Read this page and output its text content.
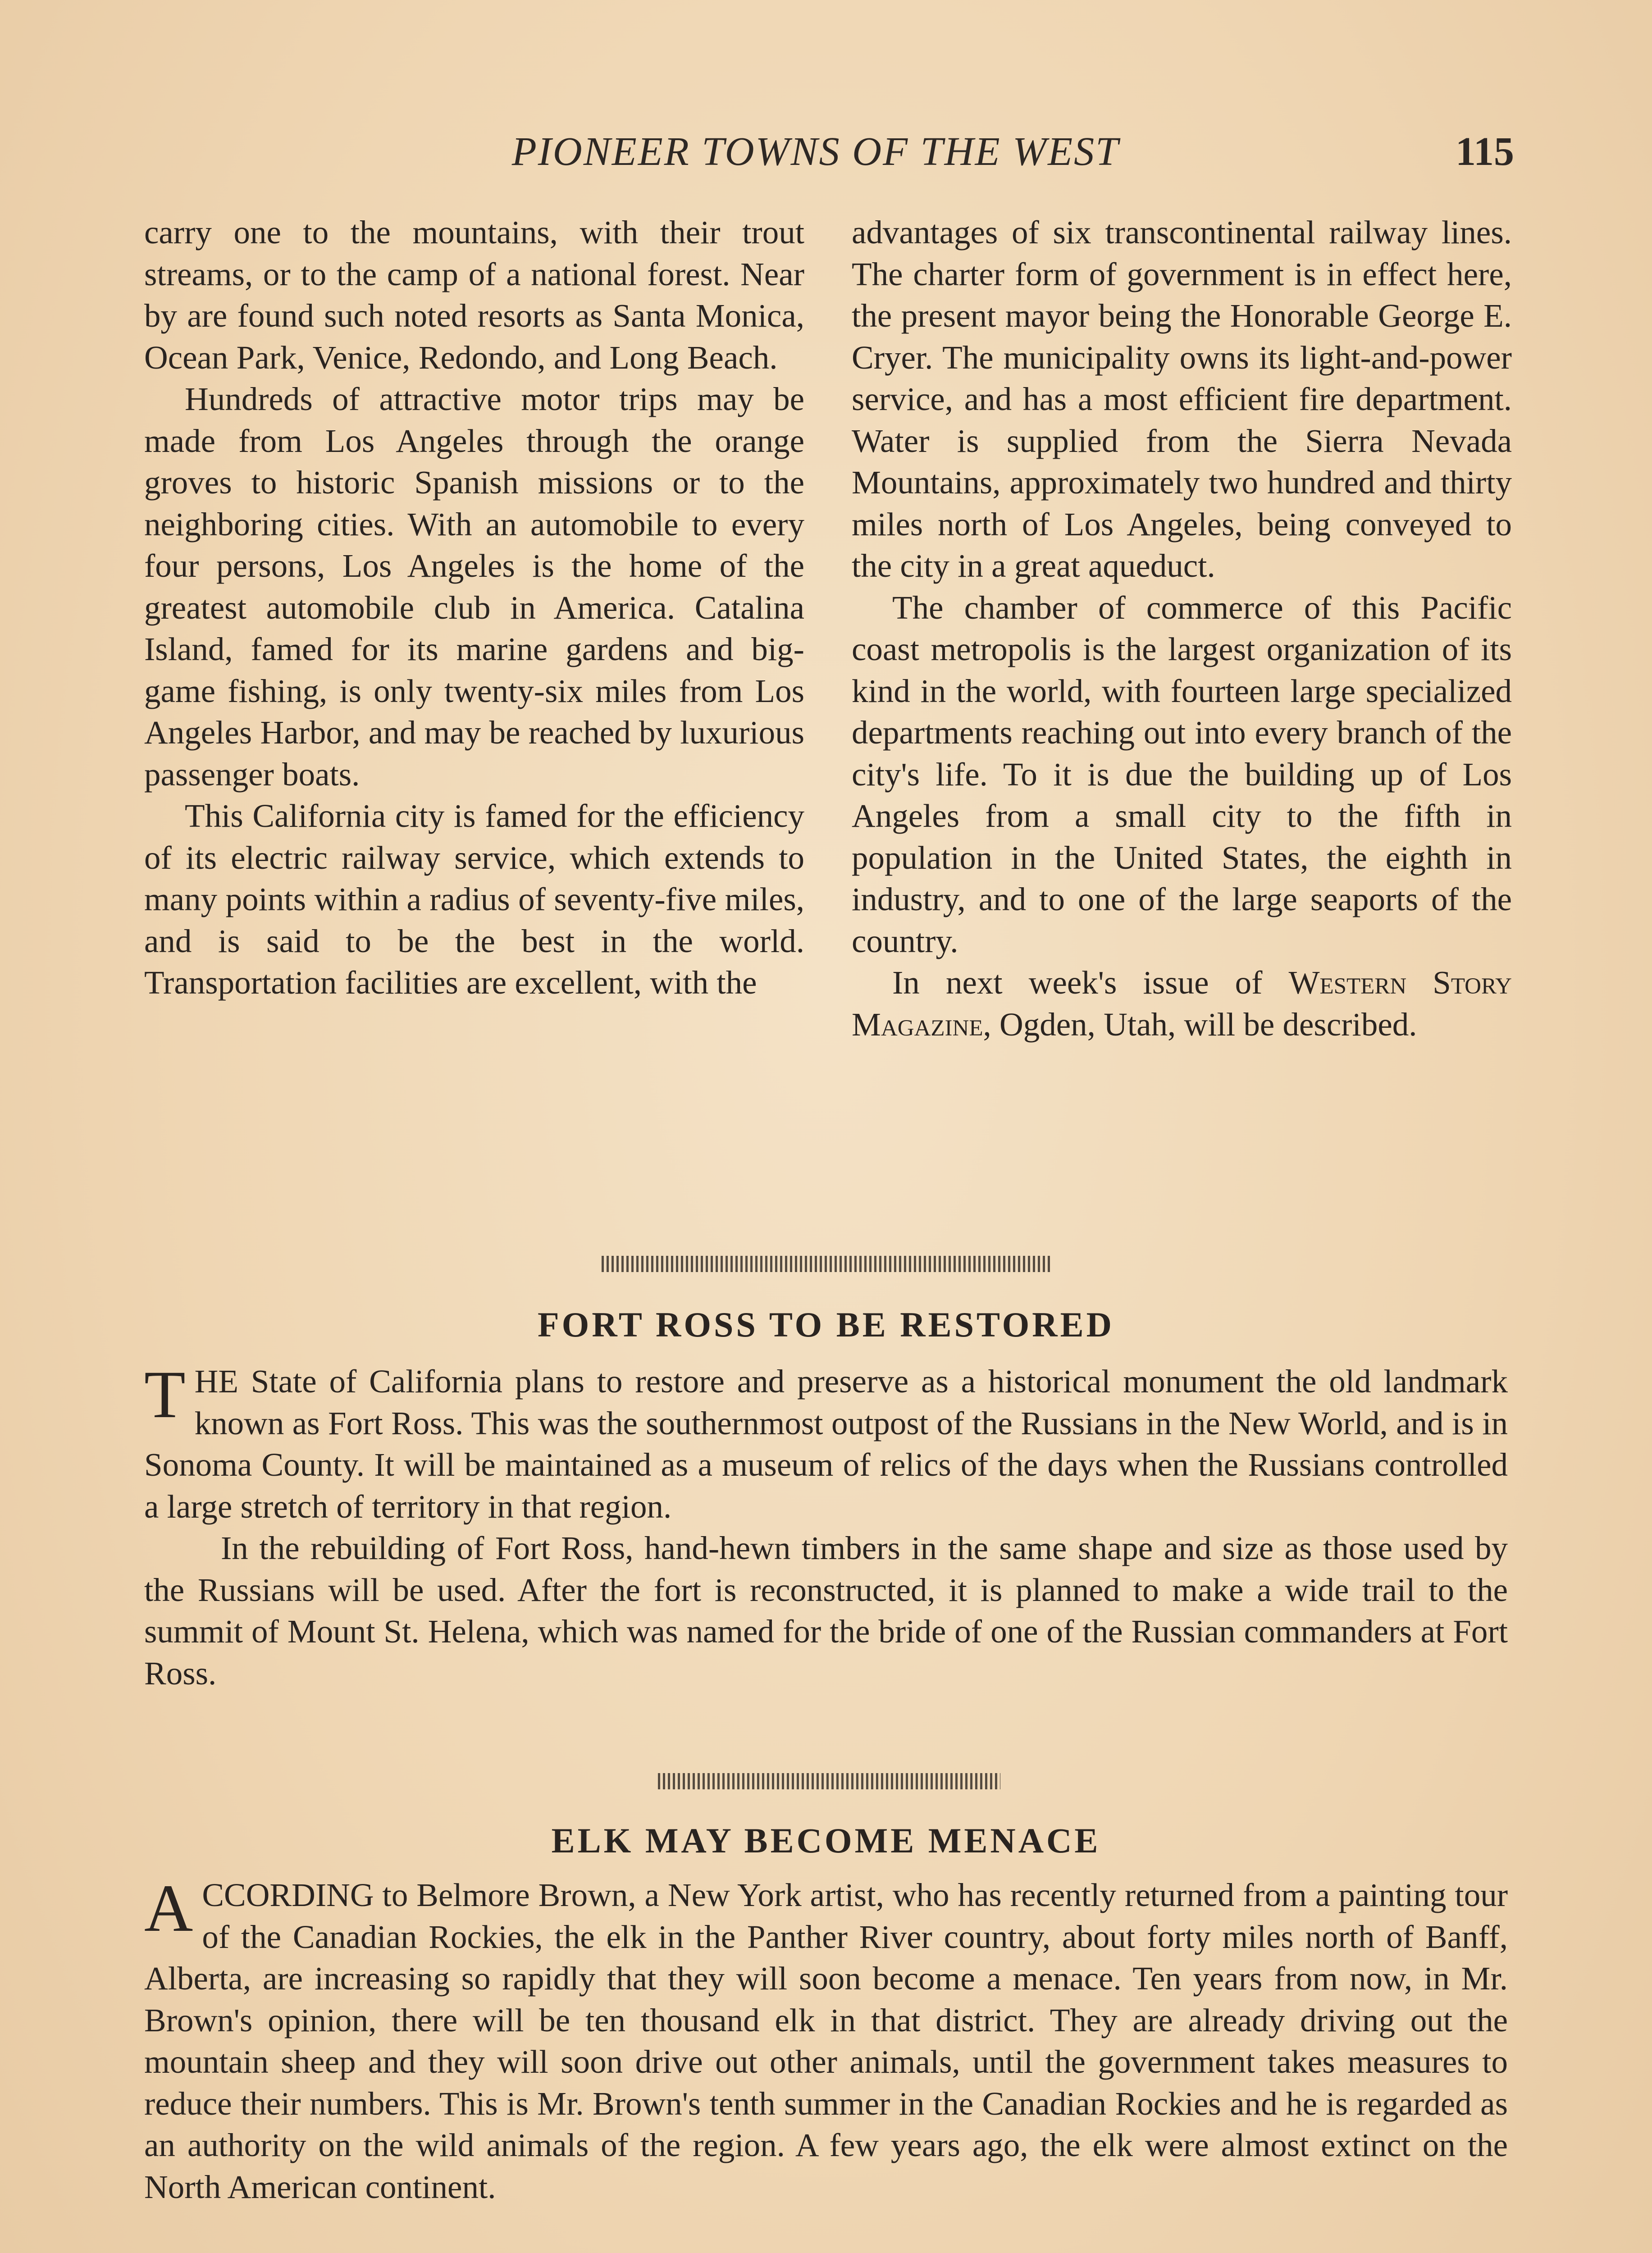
PIONEER TOWNS OF THE WEST	115

carry one to the mountains, with their trout streams, or to the camp of a national forest. Near by are found such noted resorts as Santa Monica, Ocean Park, Venice, Redondo, and Long Beach.

Hundreds of attractive motor trips may be made from Los Angeles through the orange groves to historic Spanish missions or to the neighboring cities. With an automobile to every four persons, Los Angeles is the home of the greatest automobile club in America. Catalina Island, famed for its marine gardens and big-game fishing, is only twenty-six miles from Los Angeles Harbor, and may be reached by luxurious passenger boats.

This California city is famed for the efficiency of its electric railway service, which extends to many points within a radius of seventy-five miles, and is said to be the best in the world. Transportation facilities are excellent, with the

advantages of six transcontinental railway lines. The charter form of government is in effect here, the present mayor being the Honorable George E. Cryer. The municipality owns its light-and-power service, and has a most efficient fire department. Water is supplied from the Sierra Nevada Mountains, approximately two hundred and thirty miles north of Los Angeles, being conveyed to the city in a great aqueduct.

The chamber of commerce of this Pacific coast metropolis is the largest organization of its kind in the world, with fourteen large specialized departments reaching out into every branch of the city's life. To it is due the building up of Los Angeles from a small city to the fifth in population in the United States, the eighth in industry, and to one of the large seaports of the country.

In next week's issue of Western Story Magazine, Ogden, Utah, will be described.

FORT ROSS TO BE RESTORED

THE State of California plans to restore and preserve as a historical monument the old landmark known as Fort Ross. This was the southernmost outpost of the Russians in the New World, and is in Sonoma County. It will be maintained as a museum of relics of the days when the Russians controlled a large stretch of territory in that region.

In the rebuilding of Fort Ross, hand-hewn timbers in the same shape and size as those used by the Russians will be used. After the fort is reconstructed, it is planned to make a wide trail to the summit of Mount St. Helena, which was named for the bride of one of the Russian commanders at Fort Ross.

ELK MAY BECOME MENACE

ACCORDING to Belmore Brown, a New York artist, who has recently returned from a painting tour of the Canadian Rockies, the elk in the Panther River country, about forty miles north of Banff, Alberta, are increasing so rapidly that they will soon become a menace. Ten years from now, in Mr. Brown's opinion, there will be ten thousand elk in that district. They are already driving out the mountain sheep and they will soon drive out other animals, until the government takes measures to reduce their numbers. This is Mr. Brown's tenth summer in the Canadian Rockies and he is regarded as an authority on the wild animals of the region. A few years ago, the elk were almost extinct on the North American continent.
